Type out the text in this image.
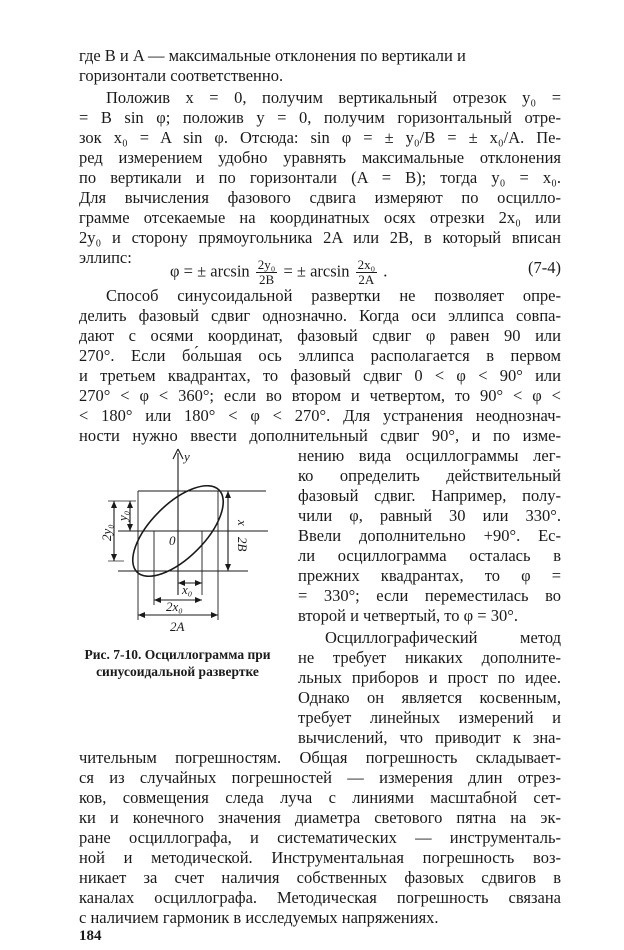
где B и A — максимальные отклонения по вертикали и
горизонтали соответственно.
Положив x = 0, получим вертикальный отрезок y₀ =
= B sin φ; положив y = 0, получим горизонтальный отре-
зок x₀ = A sin φ. Отсюда: sin φ = ± y₀/B = ± x₀/A. Пе-
ред измерением удобно уравнять максимальные отклонения
по вертикали и по горизонтали (A = B); тогда y₀ = x₀.
Для вычисления фазового сдвига измеряют по осцилло-
грамме отсекаемые на координатных осях отрезки 2x₀ или
2y₀ и сторону прямоугольника 2A или 2B, в который вписан
эллипс:
φ = ± $\arcsin \frac{\text{2y₀}}{2B}$ = ± $\arcsin \frac{\text{2x₀}}{2A}$ .	(7-4)
Способ синусоидальной развертки не позволяет опре-
делить фазовый сдвиг однозначно. Когда оси эллипса совпа-
дают с осями координат, фазовый сдвиг φ равен 90 или
270°. Если бо́льшая ось эллипса располагается в первом
и третьем квадрантах, то фазовый сдвиг 0 < φ < 90° или
270° < φ < 360°; если во втором и четвертом, то 90° < φ <
< 180° или 180° < φ < 270°. Для устранения неоднознач-
ности нужно ввести дополнительный сдвиг 90°, и по изме-
нению вида осциллограммы лег-
ко определить действительный
фазовый сдвиг. Например, полу-
чили φ, равный 30 или 330°.
Ввели дополнительно +90°. Ес-
ли осциллограмма осталась в
прежних квадрантах, то φ =
= 330°; если переместилась во
второй и четвертый, то φ = 30°.
Осциллографический метод
не требует никаких дополните-
льных приборов и прост по идее.
Однако он является косвенным,
требует линейных измерений и
вычислений, что приводит к зна-
y
0
x₀
2x₀
2A
2y₀
y₀
x
2B
Рис. 7-10. Осциллограмма при синусоидальной развертке
чительным погрешностям. Общая погрешность складывает-
ся из случайных погрешностей — измерения длин отрез-
ков, совмещения следа луча с линиями масштабной сет-
ки и конечного значения диаметра светового пятна на эк-
ране осциллографа, и систематических — инструменталь-
ной и методической. Инструментальная погрешность воз-
никает за счет наличия собственных фазовых сдвигов в
каналах осциллографа. Методическая погрешность связана
с наличием гармоник в исследуемых напряжениях.
184
